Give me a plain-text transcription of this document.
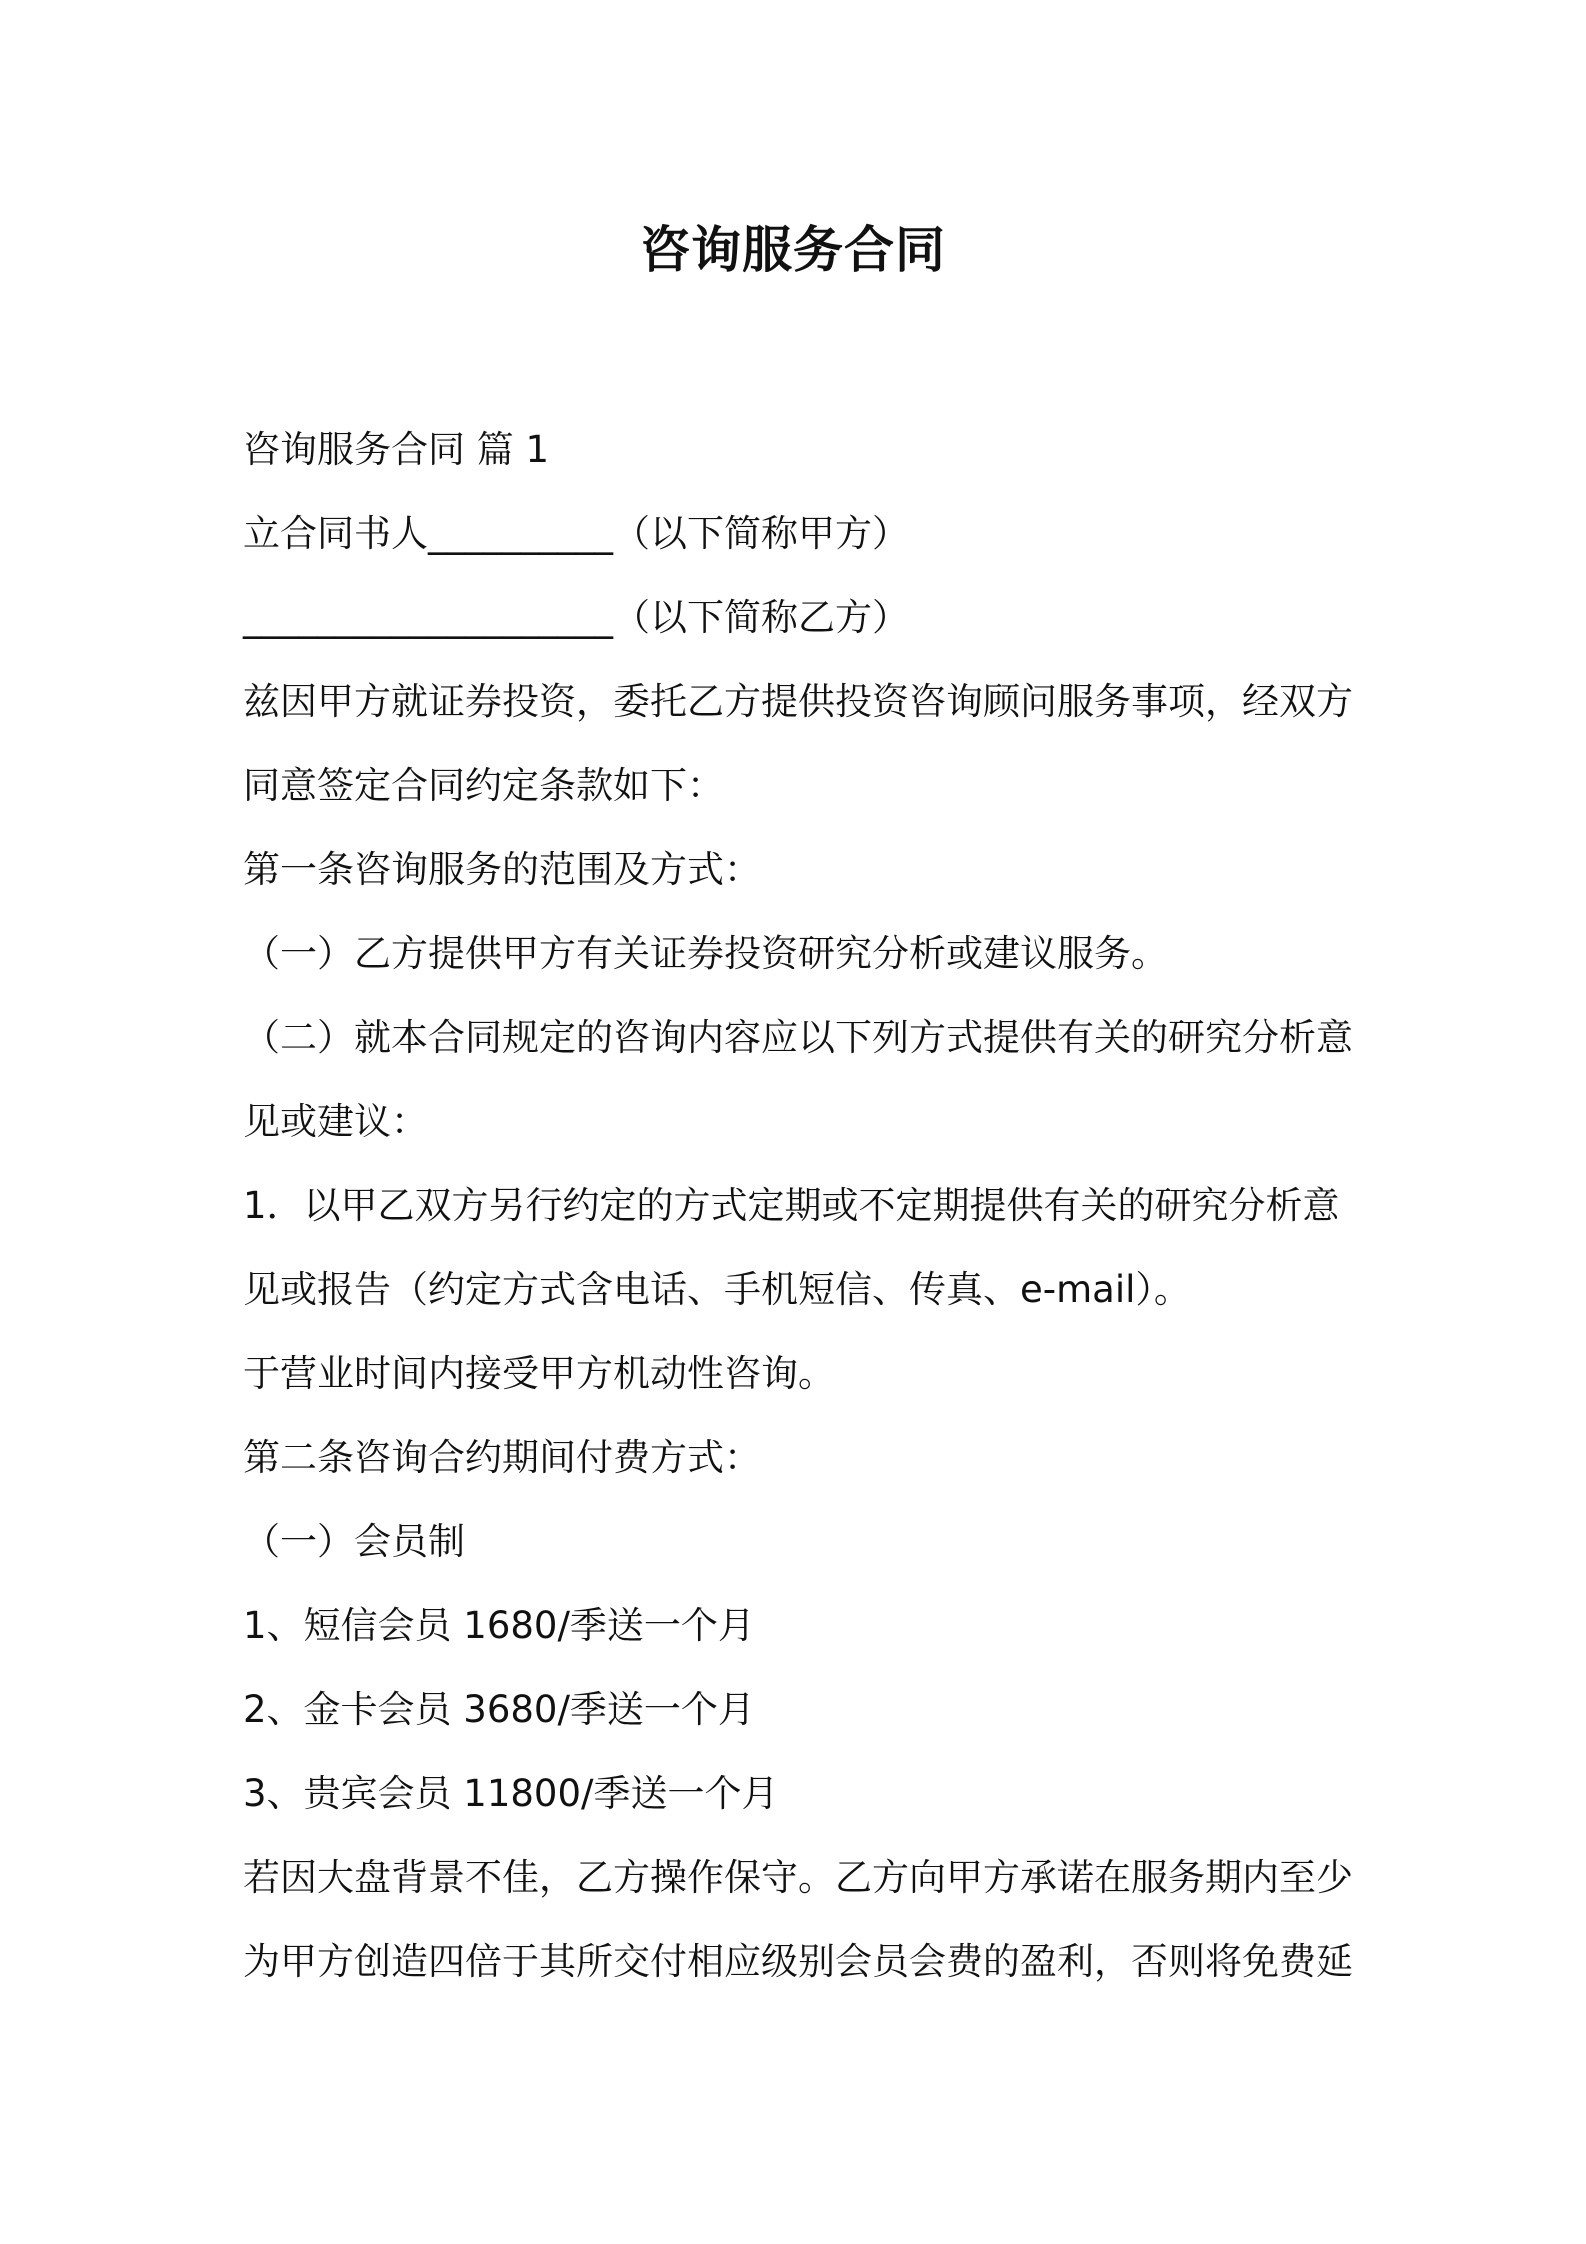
咨询服务合同
咨询服务合同 篇 1
立合同书人__________（以下简称甲方）
____________________（以下简称乙方）
兹因甲方就证券投资，委托乙方提供投资咨询顾问服务事项，经双方
同意签定合同约定条款如下：
第一条咨询服务的范围及方式：
（一）乙方提供甲方有关证券投资研究分析或建议服务。
（二）就本合同规定的咨询内容应以下列方式提供有关的研究分析意
见或建议：
1．以甲乙双方另行约定的方式定期或不定期提供有关的研究分析意
见或报告（约定方式含电话、手机短信、传真、e-mail）。
于营业时间内接受甲方机动性咨询。
第二条咨询合约期间付费方式：
（一）会员制
1、短信会员 1680/季送一个月
2、金卡会员 3680/季送一个月
3、贵宾会员 11800/季送一个月
若因大盘背景不佳，乙方操作保守。乙方向甲方承诺在服务期内至少
为甲方创造四倍于其所交付相应级别会员会费的盈利，否则将免费延
